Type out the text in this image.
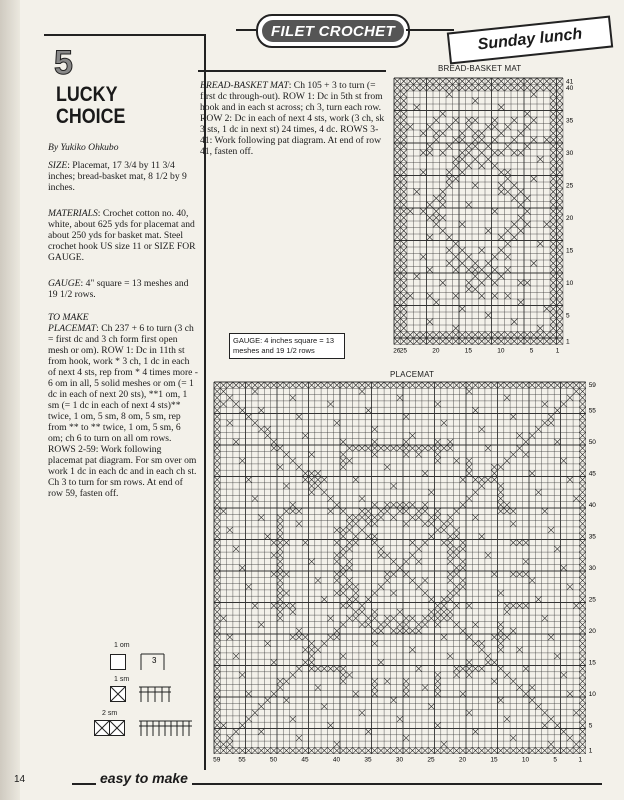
FILET CROCHET	Sunday lunch
5
LUCKY
CHOICE
By Yukiko Ohkubo
SIZE: Placemat, 17 3/4 by 11 3/4 inches; bread-basket mat, 8 1/2 by 9 inches.
MATERIALS: Crochet cotton no. 40, white, about 625 yds for placemat and about 250 yds for basket mat. Steel crochet hook US size 11 or SIZE FOR GAUGE.
GAUGE: 4" square = 13 meshes and 19 1/2 rows.
TO MAKE
PLACEMAT: Ch 237 + 6 to turn (3 ch = first dc and 3 ch form first open mesh or om). ROW 1: Dc in 11th st from hook, work * 3 ch, 1 dc in each of next 4 sts, rep from * 4 times more - 6 om in all, 5 solid meshes or om (= 1 dc in each of next 20 sts), **1 om, 1 sm (= 1 dc in each of next 4 sts)** twice, 1 om, 5 sm, 8 om, 5 sm, rep from ** to ** twice, 1 om, 5 sm, 6 om; ch 6 to turn on all om rows. ROWS 2-59: Work following placemat pat diagram. For sm over om work 1 dc in each dc and in each ch st. Ch 3 to turn for sm rows. At end of row 59, fasten off.
1 om
3
1 sm
2 sm
BREAD-BASKET MAT: Ch 105 + 3 to turn (= first dc through-out). ROW 1: Dc in 5th st from hook and in each st across; ch 3, turn each row. ROW 2: Dc in each of next 4 sts, work (3 ch, sk 3 sts, 1 dc in next st) 24 times, 4 dc. ROWS 3-41: Work following pat diagram. At end of row 41, fasten off.
GAUGE: 4 inches square = 13 meshes and 19 1/2 rows
BREAD-BASKET MAT
41
40
35
30
25
20
15
10
5
1
26 25	20	15	10	5	1
PLACEMAT
59
55
50
45
40
35
30
25
20
15
10
5
1
59	55	50	45	40	35	30	25	20	15	10	5	1
14	easy to make
